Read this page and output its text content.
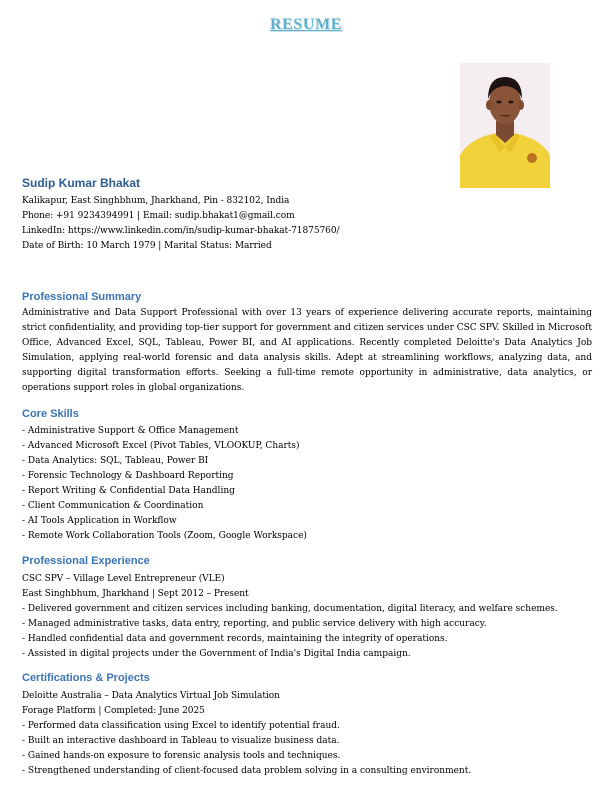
RESUME
Sudip Kumar Bhakat
Kalikapur, East Singhbhum, Jharkhand, Pin - 832102, India
Phone: +91 9234394991 | Email: sudip.bhakat1@gmail.com
LinkedIn: https://www.linkedin.com/in/sudip-kumar-bhakat-71875760/
Date of Birth: 10 March 1979 | Marital Status: Married
Professional Summary
Administrative and Data Support Professional with over 13 years of experience delivering accurate reports, maintaining strict confidentiality, and providing top-tier support for government and citizen services under CSC SPV. Skilled in Microsoft Office, Advanced Excel, SQL, Tableau, Power BI, and AI applications. Recently completed Deloitte's Data Analytics Job Simulation, applying real-world forensic and data analysis skills. Adept at streamlining workflows, analyzing data, and supporting digital transformation efforts. Seeking a full-time remote opportunity in administrative, data analytics, or operations support roles in global organizations.
Core Skills
- Administrative Support & Office Management
- Advanced Microsoft Excel (Pivot Tables, VLOOKUP, Charts)
- Data Analytics: SQL, Tableau, Power BI
- Forensic Technology & Dashboard Reporting
- Report Writing & Confidential Data Handling
- Client Communication & Coordination
- AI Tools Application in Workflow
- Remote Work Collaboration Tools (Zoom, Google Workspace)
Professional Experience
CSC SPV – Village Level Entrepreneur (VLE)
East Singhbhum, Jharkhand | Sept 2012 – Present
- Delivered government and citizen services including banking, documentation, digital literacy, and welfare schemes.
- Managed administrative tasks, data entry, reporting, and public service delivery with high accuracy.
- Handled confidential data and government records, maintaining the integrity of operations.
- Assisted in digital projects under the Government of India's Digital India campaign.
Certifications & Projects
Deloitte Australia – Data Analytics Virtual Job Simulation
Forage Platform | Completed: June 2025
- Performed data classification using Excel to identify potential fraud.
- Built an interactive dashboard in Tableau to visualize business data.
- Gained hands-on exposure to forensic analysis tools and techniques.
- Strengthened understanding of client-focused data problem solving in a consulting environment.
